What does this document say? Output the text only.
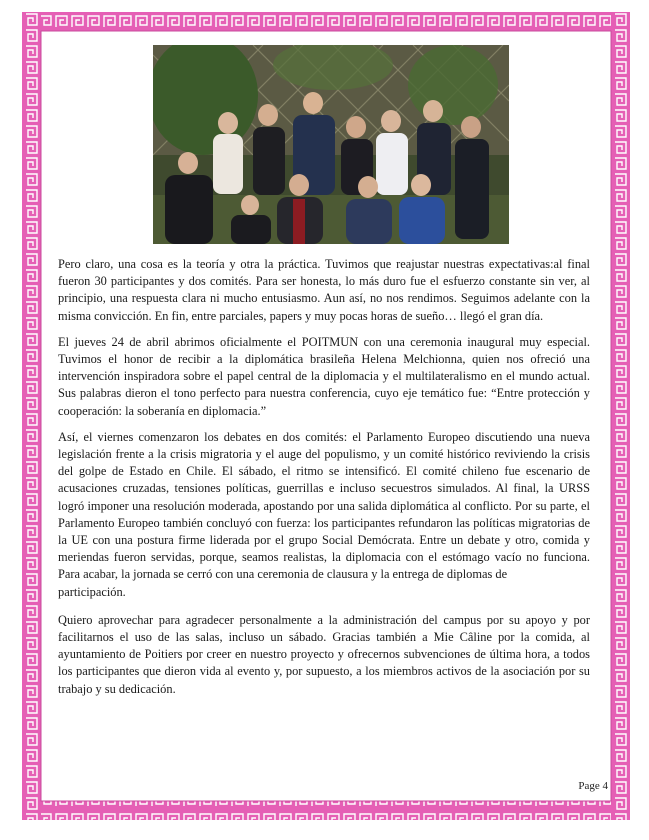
Pero claro, una cosa es la teoría y otra la práctica. Tuvimos que reajustar nuestras expectativas:al final fueron 30 participantes y dos comités. Para ser honesta, lo más duro fue el esfuerzo constante sin ver, al principio, una respuesta clara ni mucho entusiasmo. Aun así, no nos rendimos. Seguimos adelante con la misma convicción. En fin, entre parciales, papers y muy pocas horas de sueño… llegó el gran día.

El jueves 24 de abril abrimos oficialmente el POITMUN con una ceremonia inaugural muy especial. Tuvimos el honor de recibir a la diplomática brasileña Helena Melchionna, quien nos ofreció una intervención inspiradora sobre el papel central de la diplomacia y el multilateralismo en el mundo actual. Sus palabras dieron el tono perfecto para nuestra conferencia, cuyo eje temático fue: “Entre protección y cooperación: la soberanía en diplomacia.”

Así, el viernes comenzaron los debates en dos comités: el Parlamento Europeo discutiendo una nueva legislación frente a la crisis migratoria y el auge del populismo, y un comité histórico reviviendo la crisis del golpe de Estado en Chile. El sábado, el ritmo se intensificó. El comité chileno fue escenario de acusaciones cruzadas, tensiones políticas, guerrillas e incluso secuestros simulados. Al final, la URSS logró imponer una resolución moderada, apostando por una salida diplomática al conflicto. Por su parte, el Parlamento Europeo también concluyó con fuerza: los participantes refundaron las políticas migratorias de la UE con una postura firme liderada por el grupo Social Demócrata. Entre un debate y otro, comida y meriendas fueron servidas, porque, seamos realistas, la diplomacia con el estómago vacío no funciona. Para acabar, la jornada se cerró con una ceremonia de clausura y la entrega de diplomas de

participación.

Quiero aprovechar para agradecer personalmente a la administración del campus por su apoyo y por facilitarnos el uso de las salas, incluso un sábado. Gracias también a Mie Câline por la comida, al ayuntamiento de Poitiers por creer en nuestro proyecto y ofrecernos subvenciones de última hora, a todos los participantes que dieron vida al evento y, por supuesto, a los miembros activos de la asociación por su trabajo y su dedicación.

Page 4
